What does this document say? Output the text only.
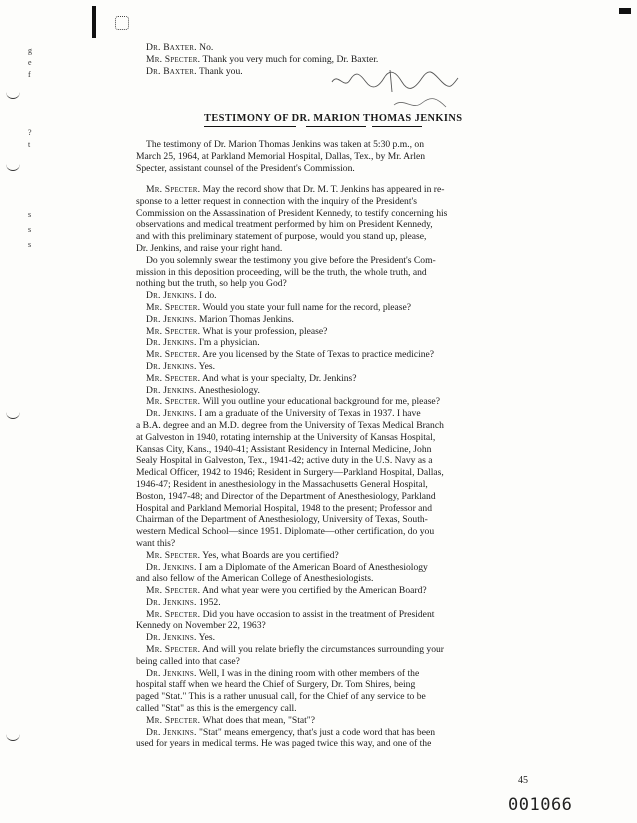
g
e
f
?
t
s
s
s

Dr. Baxter. No.

Mr. Specter. Thank you very much for coming, Dr. Baxter.

Dr. Baxter. Thank you.

TESTIMONY OF DR. MARION THOMAS JENKINS

The testimony of Dr. Marion Thomas Jenkins was taken at 5:30 p.m., on

March 25, 1964, at Parkland Memorial Hospital, Dallas, Tex., by Mr. Arlen

Specter, assistant counsel of the President's Commission.

Mr. Specter. May the record show that Dr. M. T. Jenkins has appeared in re-

sponse to a letter request in connection with the inquiry of the President's

Commission on the Assassination of President Kennedy, to testify concerning his

observations and medical treatment performed by him on President Kennedy,

and with this preliminary statement of purpose, would you stand up, please,

Dr. Jenkins, and raise your right hand.

Do you solemnly swear the testimony you give before the President's Com-

mission in this deposition proceeding, will be the truth, the whole truth, and

nothing but the truth, so help you God?

Dr. Jenkins. I do.

Mr. Specter. Would you state your full name for the record, please?

Dr. Jenkins. Marion Thomas Jenkins.

Mr. Specter. What is your profession, please?

Dr. Jenkins. I'm a physician.

Mr. Specter. Are you licensed by the State of Texas to practice medicine?

Dr. Jenkins. Yes.

Mr. Specter. And what is your specialty, Dr. Jenkins?

Dr. Jenkins. Anesthesiology.

Mr. Specter. Will you outline your educational background for me, please?

Dr. Jenkins. I am a graduate of the University of Texas in 1937. I have

a B.A. degree and an M.D. degree from the University of Texas Medical Branch

at Galveston in 1940, rotating internship at the University of Kansas Hospital,

Kansas City, Kans., 1940-41; Assistant Residency in Internal Medicine, John

Sealy Hospital in Galveston, Tex., 1941-42; active duty in the U.S. Navy as a

Medical Officer, 1942 to 1946; Resident in Surgery—Parkland Hospital, Dallas,

1946-47; Resident in anesthesiology in the Massachusetts General Hospital,

Boston, 1947-48; and Director of the Department of Anesthesiology, Parkland

Hospital and Parkland Memorial Hospital, 1948 to the present; Professor and

Chairman of the Department of Anesthesiology, University of Texas, South-

western Medical School—since 1951. Diplomate—other certification, do you

want this?

Mr. Specter. Yes, what Boards are you certified?

Dr. Jenkins. I am a Diplomate of the American Board of Anesthesiology

and also fellow of the American College of Anesthesiologists.

Mr. Specter. And what year were you certified by the American Board?

Dr. Jenkins. 1952.

Mr. Specter. Did you have occasion to assist in the treatment of President

Kennedy on November 22, 1963?

Dr. Jenkins. Yes.

Mr. Specter. And will you relate briefly the circumstances surrounding your

being called into that case?

Dr. Jenkins. Well, I was in the dining room with other members of the

hospital staff when we heard the Chief of Surgery, Dr. Tom Shires, being

paged "Stat." This is a rather unusual call, for the Chief of any service to be

called "Stat" as this is the emergency call.

Mr. Specter. What does that mean, "Stat"?

Dr. Jenkins. "Stat" means emergency, that's just a code word that has been

used for years in medical terms. He was paged twice this way, and one of the

45
001066
